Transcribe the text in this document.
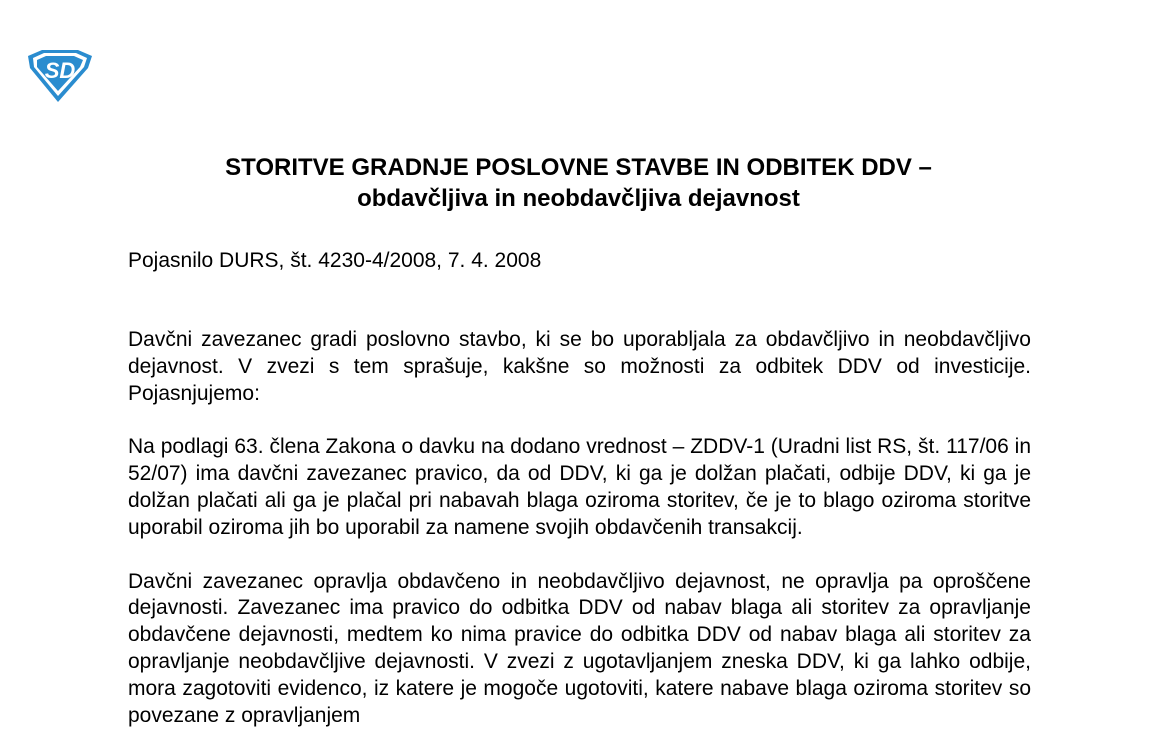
SD
STORITVE GRADNJE POSLOVNE STAVBE IN ODBITEK DDV –
obdavčljiva in neobdavčljiva dejavnost
Pojasnilo DURS, št. 4230-4/2008, 7. 4. 2008

Davčni zavezanec gradi poslovno stavbo, ki se bo uporabljala za obdavčljivo in neobdavčljivo dejavnost. V zvezi s tem sprašuje, kakšne so možnosti za odbitek DDV od investicije. Pojasnjujemo:

Na podlagi 63. člena Zakona o davku na dodano vrednost – ZDDV-1 (Uradni list RS, št. 117/06 in 52/07) ima davčni zavezanec pravico, da od DDV, ki ga je dolžan plačati, odbije DDV, ki ga je dolžan plačati ali ga je plačal pri nabavah blaga oziroma storitev, če je to blago oziroma storitve uporabil oziroma jih bo uporabil za namene svojih obdavčenih transakcij.

Davčni zavezanec opravlja obdavčeno in neobdavčljivo dejavnost, ne opravlja pa oproščene dejavnosti. Zavezanec ima pravico do odbitka DDV od nabav blaga ali storitev za opravljanje obdavčene dejavnosti, medtem ko nima pravice do odbitka DDV od nabav blaga ali storitev za opravljanje neobdavčljive dejavnosti. V zvezi z ugotavljanjem zneska DDV, ki ga lahko odbije, mora zagotoviti evidenco, iz katere je mogoče ugotoviti, katere nabave blaga oziroma storitev so povezane z opravljanjem
